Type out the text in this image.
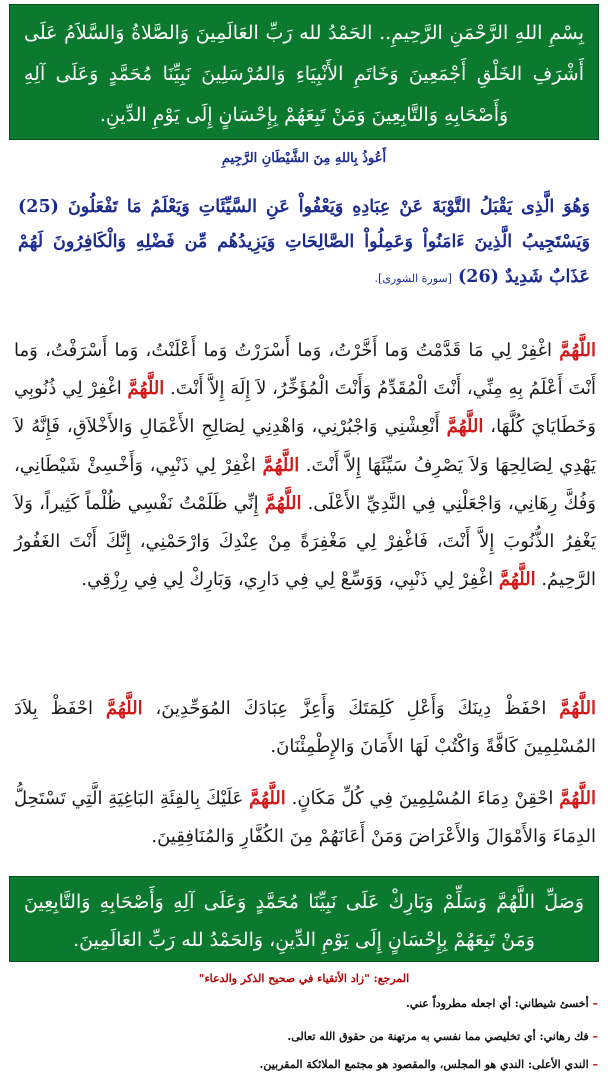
بِسْمِ اللهِ الرَّحْمَنِ الرَّحِيمِ.. الحَمْدُ لله رَبِّ العَالَمِينَ وَالصَّلاةُ وَالسَّلاَمُ عَلَى أَشْرَفِ الخَلْقِ أَجْمَعِينَ وَخَاتَمِ الأَنْبِيَاءِ وَالمُرْسَلِينَ نَبِيِّنَا مُحَمَّدٍ وَعَلَى آلِهِ وَأَصْحَابِهِ وَالتَّابِعِينَ وَمَنْ تَبِعَهُمْ بِإِحْسَانٍ إِلَى يَوْمِ الدِّينِ.
أَعُوذُ بِاللهِ مِنَ الشَّيْطَانِ الرَّجِيمِ
وَهُوَ الَّذِى يَقْبَلُ التَّوْبَةَ عَنْ عِبَادِهِ وَيَعْفُواْ عَنِ السَّيِّئَاتِ وَيَعْلَمُ مَا تَفْعَلُونَ (25) وَيَسْتَجِيبُ الَّذِينَ ءَامَنُواْ وَعَمِلُواْ الصَّالِحَاتِ وَيَزِيدُهُم مِّن فَضْلِهِ وَالْكَافِرُونَ لَهُمْ عَذَابٌ شَدِيدٌ (26) [سورة الشورى].
اللَّهُمَّ اغْفِرْ لِي مَا قَدَّمْتُ وَما أَخَّرْتُ، وَما أَسْرَرْتُ وَما أَعْلَنْتُ، وَما أَسْرَفْتُ، وَما أَنْتَ أَعْلَمُ بِهِ مِنِّي، أَنْتَ الْمُقَدِّمُ وَأَنْتَ الْمُؤَخِّرُ، لاَ إِلَهَ إِلاَّ أَنْتَ. اللَّهُمَّ اغْفِرْ لِي ذُنُوبِي وَخَطَايَايَ كُلَّهَا، اللَّهُمَّ أَنْعِشْنِي وَاجْبُرْنِي، وَاهْدِنِي لِصَالِحِ الأَعْمَالِ وَالأَخْلاَقِ، فَإِنَّهُ لاَ يَهْدِي لِصَالِحِهَا وَلاَ يَصْرِفُ سَيِّئَهَا إِلاَّ أَنْتَ. اللَّهُمَّ اغْفِرْ لِي ذَنْبِي، وَأَخْسِئْ شَيْطَانِي، وَفُكَّ رِهَانِي، وَاجْعَلْنِي فِي النَّدِيِّ الأَعْلَى. اللَّهُمَّ إِنِّي ظَلَمْتُ نَفْسِي ظُلْماً كَثِيراً، وَلاَ يَغْفِرُ الذُّنُوبَ إِلاَّ أَنْتَ، فَاغْفِرْ لِي مَغْفِرَةً مِنْ عِنْدِكَ وَارْحَمْنِي، إِنَّكَ أَنْتَ الغَفُورُ الرَّحِيمُ. اللَّهُمَّ اغْفِرْ لِي ذَنْبِي، وَوَسِّعْ لِي فِي دَارِي، وَبَارِكْ لِي فِي رِزْقِي.
اللَّهُمَّ احْفَظْ دِينَكَ وَأَعْلِ كَلِمَتَكَ وَأَعِزَّ عِبَادَكَ المُوَحِّدِينَ، اللَّهُمَّ احْفَظْ بِلاَدَ المُسْلِمِينَ كَافَّةً وَاكْتُبْ لَهَا الأَمَانَ وَالإِطْمِئْنَانَ.
اللَّهُمَّ احْقِنْ دِمَاءَ المُسْلِمِينَ فِي كُلِّ مَكَانٍ. اللَّهُمَّ عَلَيْكَ بِالفِئَةِ البَاغِيَةِ الَّتِي تَسْتَحِلُّ الدِمَاءَ وَالأَمْوَالَ وَالأَعْرَاضَ وَمَنْ أَعَانَهُمْ مِنَ الكُفَّارِ وَالمُنَافِقِينَ.
وَصَلِّ اللَّهُمَّ وَسَلِّمْ وَبَارِكْ عَلَى نَبِيِّنَا مُحَمَّدٍ وَعَلَى آلِهِ وَأَصْحَابِهِ وَالتَّابِعِينَ وَمَنْ تَبِعَهُمْ بِإِحْسَانٍ إِلَى يَوْمِ الدِّينِ، وَالحَمْدُ لله رَبِّ العَالَمِينَ.
المرجع: "زاد الأتقياء في صحيح الذكر والدعاء"
– أخسئ شيطاني: أي اجعله مطروداً عني.
– فك رهاني: أي تخليصي مما نفسي به مرتهنة من حقوق الله تعالى.
– الندي الأعلى: الندي هو المجلس، والمقصود هو مجتمع الملائكة المقربين.
